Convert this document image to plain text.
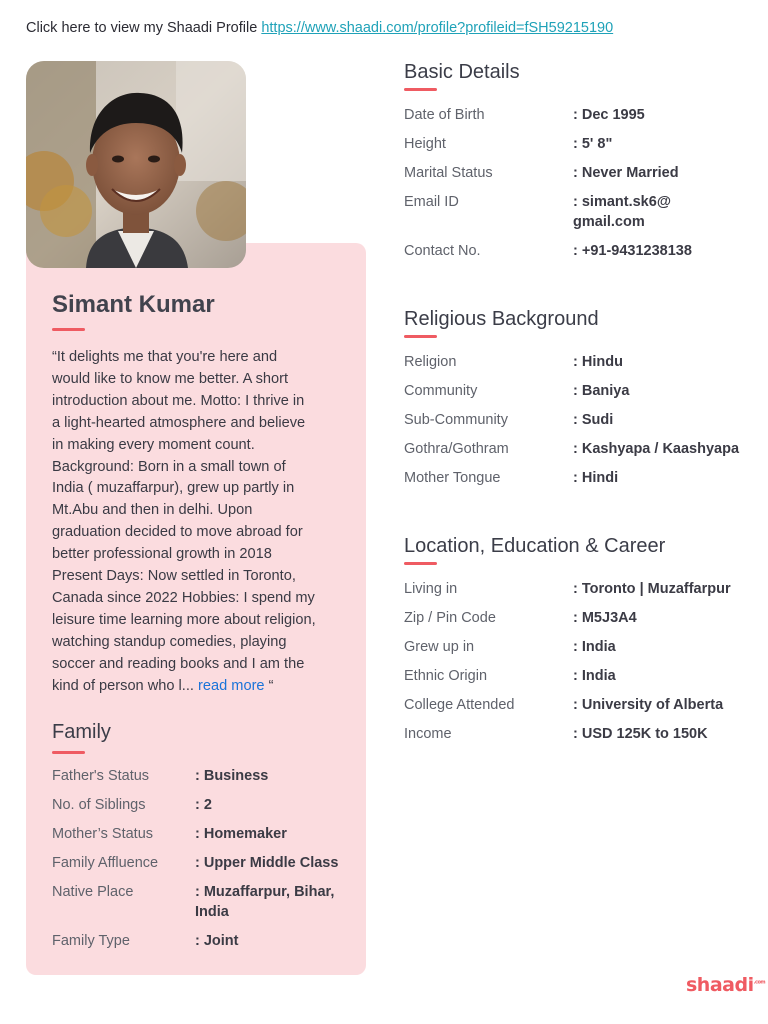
Click here to view my Shaadi Profile https://www.shaadi.com/profile?profileid=fSH59215190
Simant Kumar

“It delights me that you're here and

would like to know me better. A short

introduction about me. Motto: I thrive in

a light-hearted atmosphere and believe

in making every moment count.

Background: Born in a small town of

India ( muzaffarpur), grew up partly in

Mt.Abu and then in delhi. Upon

graduation decided to move abroad for

better professional growth in 2018

Present Days: Now settled in Toronto,

Canada since 2022 Hobbies: I spend my

leisure time learning more about religion,

watching standup comedies, playing

soccer and reading books and I am the

kind of person who l... read more “

Family
Father's Status	: Business
No. of Siblings	: 2
Mother’s Status	: Homemaker
Family Affluence	: Upper Middle Class
Native Place	: Muzaffarpur, Bihar,
India
Family Type	: Joint
Basic Details
Date of Birth	: Dec 1995
Height	: 5' 8"
Marital Status	: Never Married
Email ID	: simant.sk6@
gmail.com
Contact No.	: +91-9431238138
Religious Background
Religion	: Hindu
Community	: Baniya
Sub-Community	: Sudi
Gothra/Gothram	: Kashyapa / Kaashyapa
Mother Tongue	: Hindi
Location, Education & Career
Living in	: Toronto | Muzaffarpur
Zip / Pin Code	: M5J3A4
Grew up in	: India
Ethnic Origin	: India
College Attended	: University of Alberta
Income	: USD 125K to 150K
shaadi$^{.com}$
